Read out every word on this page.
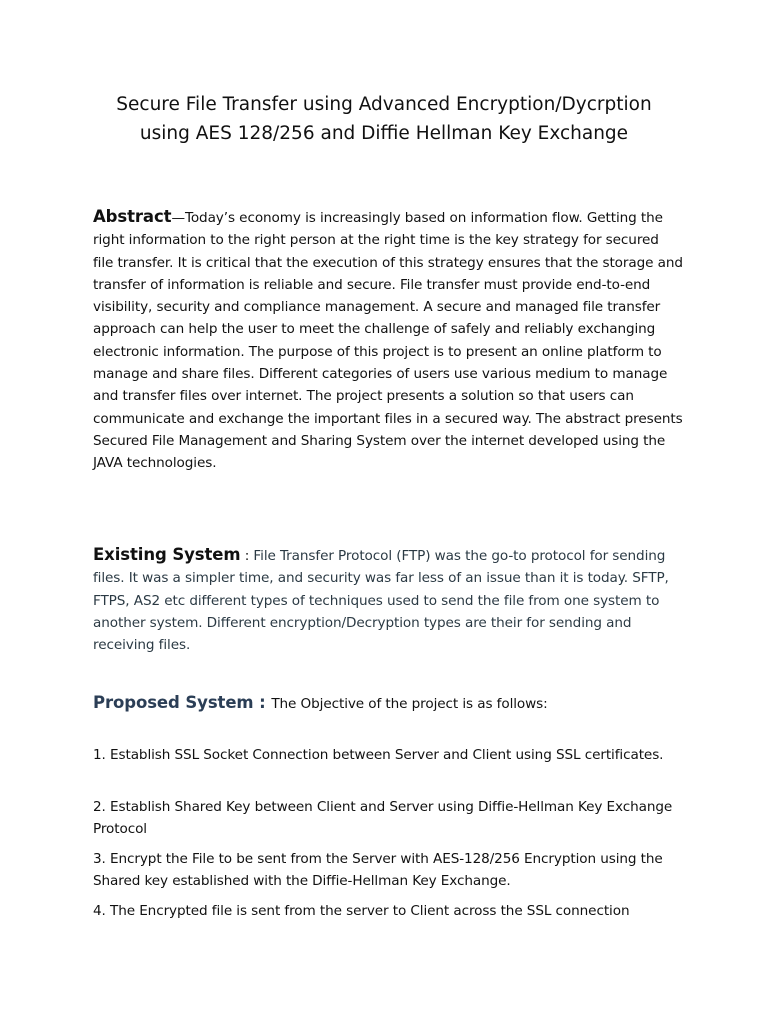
Secure File Transfer using Advanced Encryption/Dycrption
using AES 128/256 and Diffie Hellman Key Exchange
Abstract—Today’s economy is increasingly based on information flow. Getting the right information to the right person at the right time is the key strategy for secured file transfer. It is critical that the execution of this strategy ensures that the storage and transfer of information is reliable and secure. File transfer must provide end-to-end visibility, security and compliance management. A secure and managed file transfer approach can help the user to meet the challenge of safely and reliably exchanging electronic information. The purpose of this project is to present an online platform to manage and share files. Different categories of users use various medium to manage and transfer files over internet. The project presents a solution so that users can communicate and exchange the important files in a secured way. The abstract presents Secured File Management and Sharing System over the internet developed using the JAVA technologies.
Existing System : File Transfer Protocol (FTP) was the go-to protocol for sending files. It was a simpler time, and security was far less of an issue than it is today. SFTP, FTPS, AS2 etc different types of techniques used to send the file from one system to another system. Different encryption/Decryption types are their for sending and receiving files.
Proposed System : The Objective of the project is as follows:
1. Establish SSL Socket Connection between Server and Client using SSL certificates.
2. Establish Shared Key between Client and Server using Diffie-Hellman Key Exchange Protocol
3. Encrypt the File to be sent from the Server with AES-128/256 Encryption using the Shared key established with the Diffie-Hellman Key Exchange.
4. The Encrypted file is sent from the server to Client across the SSL connection
